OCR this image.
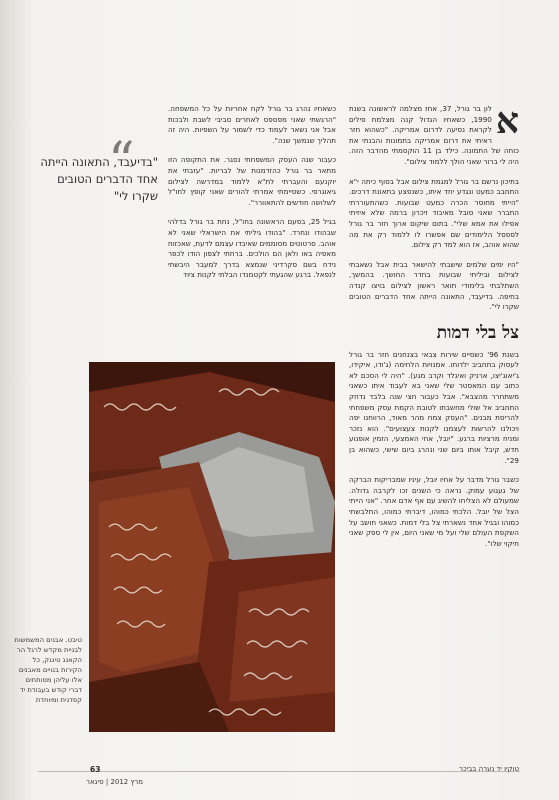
א
לון בר גורל, 37, אחז מצלמה לראשונה בשנת 1990, כשאחיו הגדול קנה מצלמת פילים לקראת נסיעה לדרום אמריקה. "כשהוא חזר ראיתי את דרום אמריקה בתמונות והבנתי את כוחה של התמונה. כילד בן 11 הוקסמתי מהדבר הזה. היה לי ברור שאני הולך ללמוד צילום".

בתיכון נרשם בר גורל למגמת צילום אבל בסוף כיתה י"א התחבב כמעט ונגדע יחד איתו, כשנפצע בתאונת דרכים. "הייתי מחוסר הכרה כמעט שבועות. כשהתעוררתי התברר שאני סובל מאיבוד זיכרון ברמה שלא איזיתי אפילו את אמא שלי". בתום שיקום ארוך חזר בר גורל לספסל הלימודים שם אפשרו לו ללמוד רק את מה שהוא אוהב, אז הוא למד רק צילום.

"היו ימים שלמים שישבתי להישאר בבית אבל נשאבתי לצילום וביליתי שבועות בחדר החושך. בהמשך, השתלבתי בלימודי תואר ראשון לצילום בויצו קנדה בחיפה. בדיעבד, התאונה הייתה אחד הדברים הטובים שקרו לי".

צל בלי דמות

בשנת 96' כשסיים שירות צבאי בצנחנים חזר בר גורל לעסוק בתחביב ילדותו. אמנויות הלחימה (ג'ודו, איקידו, ג'יאוג'יצו, ארניק ואיגלד וקרב מגע). "היה לי הסכם לא כתוב עם המאסטר שלי שאני בא לעבוד איתו כשאני משתחרר מהצבא". אבל כעבור חצי שנה בלבד נדחק התחביב אל שולי מחשבתו לטובת הקמת עסק משפחתי להריסת מבנים. "העסק צמח מהר מאוד, הרווחנו יפה ויכולנו להרשות לעצמנו לקנות צעצועים". הוא נזכר ומניח מרציות ברגע. "יובל, אחי האמצעי, הזמין אופנוע חדש, קיבל אותו ביום שני ונהרג ביום שישי, כשהוא בן 29".

כשבר גורל מדבר על אחיו יובל, עיניו שמבריקות הברקה של געגוע עמוק. נראה כי השנים זכו לקרבה גדולה. שמעולם לא הצליחו להשיג עם אף אדם אחר. "אני הייתי הצל של יובל. הלכתי כמוהו, דיברתי כמוהו, התלבשתי כמוהו ובגיל אחד נשארתי צל בלי דמות. כשאני חושב על השקפת העולם שלי ועל מי שאני היום, אין לי ספק שאני חיקוי שלו".

כשאחיו נהרג בר גורל לקח אחריות על כל המשפחה. "הרגשתי שאני מפספס לאחרים סביבי לשבת ולבכות אבל אני נשאר לעמוד כדי לשמור על השפיות. היה זה תהליך שנמשך שנה".

כעבור שנה העסק המשפחתי נסגר. את התקופה הזו מתאר בר גורל כהזדמנות של לבריות. "עזבתי את יוקנעם והעברתי לת"א ללמוד במדרשה לצילום גיאוגרפי. כשסיימתי אמרתי להורים שאני קופץ לחו"ל לשלושה חודשים להתאוורר".

בגיל 25, בפעם הראשונה בחו"ל, נחת בר גורל בדלהי שבהודו ונחרד. "בהודו גיליתי את הישראלי שאני לא אוהב. סרטוטים מסוממים שאיבדו עצמם לדעת, שאכזוח מאפיה באו ולאן הם הולכים. ברחתי לצפון הודו לכפר נידח בשם סקרדיני שנמצא בדרך למעבר היבשתי לנפאל. ברגע שהגעתי לקטמנדו הבלתי לקנות ציוד

“
"בדיעבד, התאונה הייתה אחד הדברים הטובים שקרו לי"
טיבט. אבנים המשמשות לבניית מקדש לרגל הר הקאנג טינגק, כל הקירות בנויים מאבנים אלו עליהן מסותתים דברי קודש בעבודת יד קפדנית ומיוחדת
63	טוקיו יד נערה בביכר
מרץ 2012 | סיגאר
